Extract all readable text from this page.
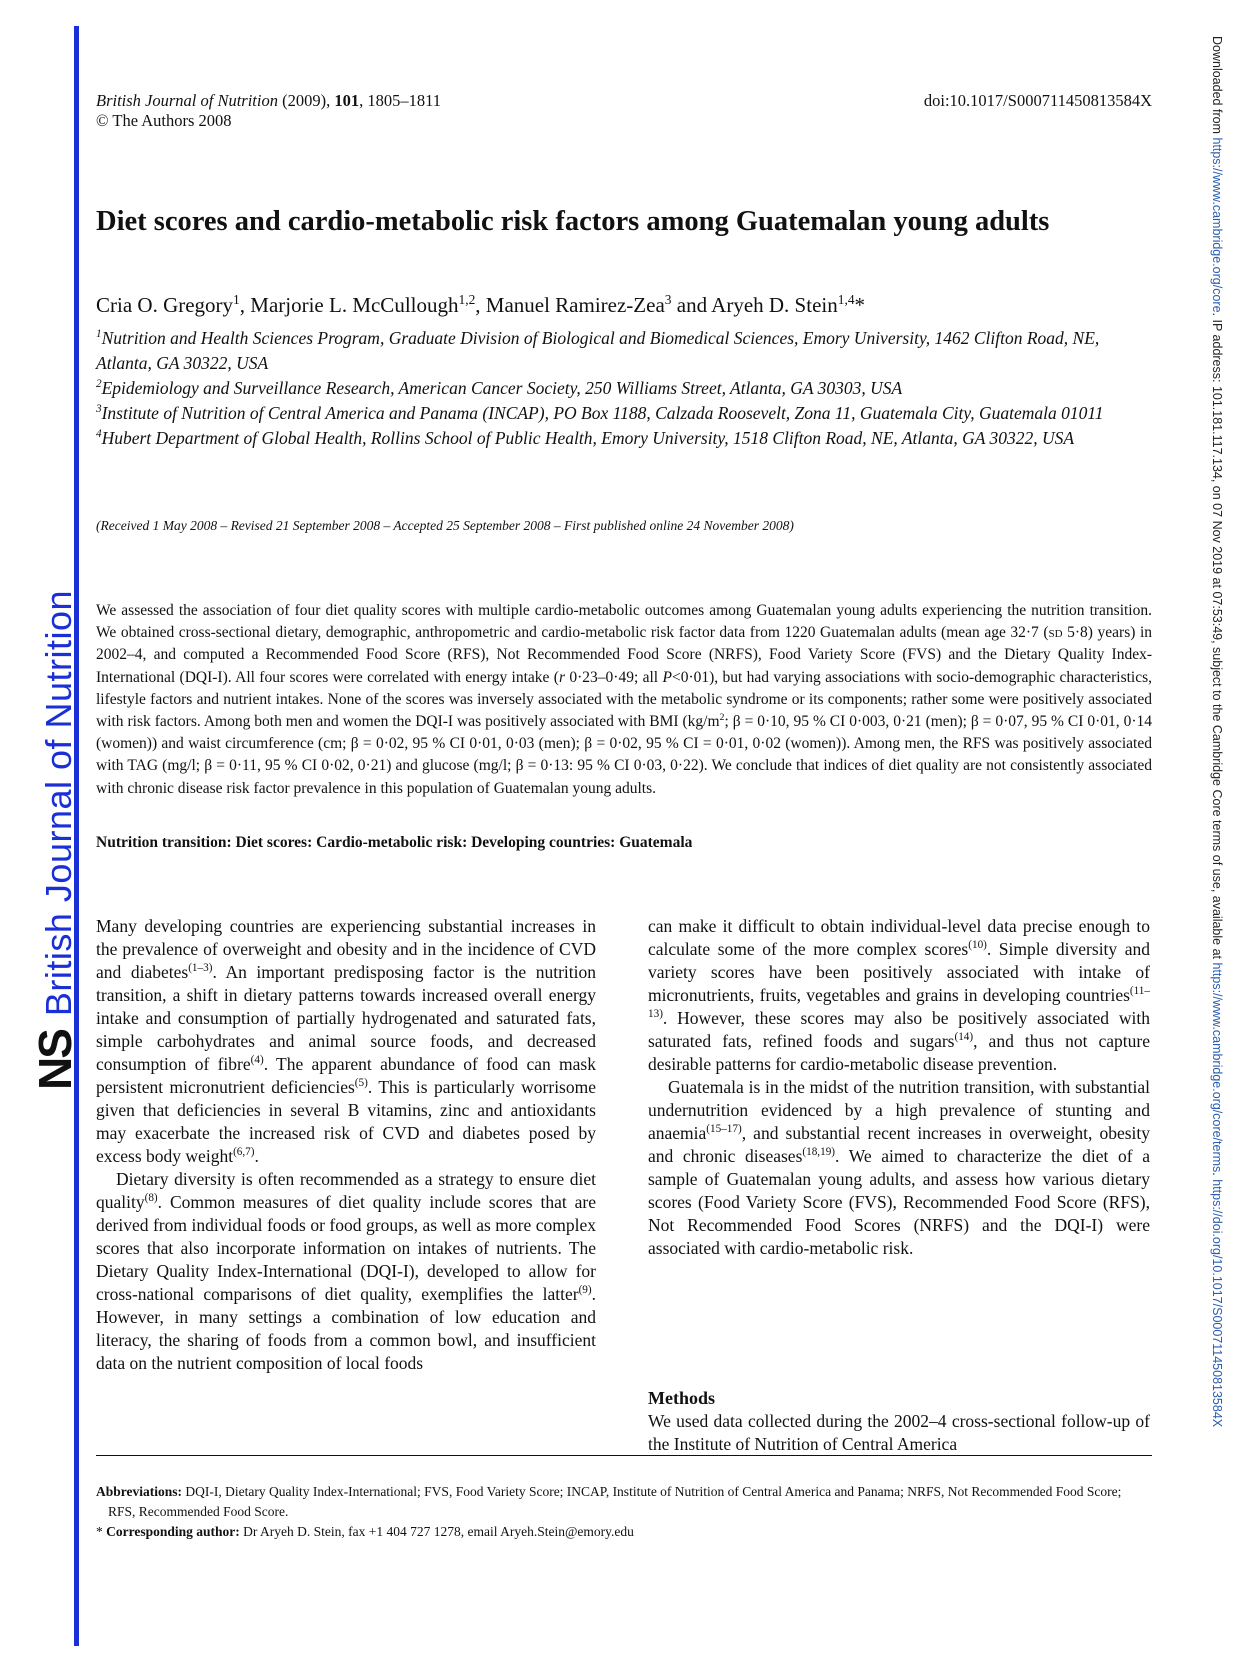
NSBritish Journal of Nutrition
Downloaded from https://www.cambridge.org/core. IP address: 101.181.117.134, on 07 Nov 2019 at 07:53:49, subject to the Cambridge Core terms of use, available at https://www.cambridge.org/core/terms. https://doi.org/10.1017/S000711450813584X
British Journal of Nutrition (2009), 101, 1805–1811
© The Authors 2008
doi:10.1017/S000711450813584X
Diet scores and cardio-metabolic risk factors among Guatemalan young adults
Cria O. Gregory$^1$, Marjorie L. McCullough$^{1,2}$, Manuel Ramirez-Zea$^3$ and Aryeh D. Stein$^{1,4}$*

$^1$Nutrition and Health Sciences Program, Graduate Division of Biological and Biomedical Sciences, Emory University, 1462 Clifton Road, NE, Atlanta, GA 30322, USA

$^2$Epidemiology and Surveillance Research, American Cancer Society, 250 Williams Street, Atlanta, GA 30303, USA

$^3$Institute of Nutrition of Central America and Panama (INCAP), PO Box 1188, Calzada Roosevelt, Zona 11, Guatemala City, Guatemala 01011

$^4$Hubert Department of Global Health, Rollins School of Public Health, Emory University, 1518 Clifton Road, NE, Atlanta, GA 30322, USA

(Received 1 May 2008 – Revised 21 September 2008 – Accepted 25 September 2008 – First published online 24 November 2008)
We assessed the association of four diet quality scores with multiple cardio-metabolic outcomes among Guatemalan young adults experiencing the nutrition transition. We obtained cross-sectional dietary, demographic, anthropometric and cardio-metabolic risk factor data from 1220 Guatemalan adults (mean age 32·7 (sd 5·8) years) in 2002–4, and computed a Recommended Food Score (RFS), Not Recommended Food Score (NRFS), Food Variety Score (FVS) and the Dietary Quality Index-International (DQI-I). All four scores were correlated with energy intake (r 0·23–0·49; all P<0·01), but had varying associations with socio-demographic characteristics, lifestyle factors and nutrient intakes. None of the scores was inversely associated with the metabolic syndrome or its components; rather some were positively associated with risk factors. Among both men and women the DQI-I was positively associated with BMI ($kg/m^2$; β = 0·10, 95 % CI 0·003, 0·21 (men); β = 0·07, 95 % CI 0·01, 0·14 (women)) and waist circumference (cm; β = 0·02, 95 % CI 0·01, 0·03 (men); β = 0·02, 95 % CI = 0·01, 0·02 (women)). Among men, the RFS was positively associated with TAG (mg/l; β = 0·11, 95 % CI 0·02, 0·21) and glucose (mg/l; β = 0·13: 95 % CI 0·03, 0·22). We conclude that indices of diet quality are not consistently associated with chronic disease risk factor prevalence in this population of Guatemalan young adults.
Nutrition transition: Diet scores: Cardio-metabolic risk: Developing countries: Guatemala

Many developing countries are experiencing substantial increases in the prevalence of overweight and obesity and in the incidence of CVD and diabetes$^{(1-3)}$. An important predisposing factor is the nutrition transition, a shift in dietary patterns towards increased overall energy intake and consumption of partially hydrogenated and saturated fats, simple carbohydrates and animal source foods, and decreased consumption of fibre$^{(4)}$. The apparent abundance of food can mask persistent micronutrient deficiencies$^{(5)}$. This is particularly worrisome given that deficiencies in several B vitamins, zinc and antioxidants may exacerbate the increased risk of CVD and diabetes posed by excess body weight$^{(6,7)}$.

Dietary diversity is often recommended as a strategy to ensure diet quality$^{(8)}$. Common measures of diet quality include scores that are derived from individual foods or food groups, as well as more complex scores that also incorporate information on intakes of nutrients. The Dietary Quality Index-International (DQI-I), developed to allow for cross-national comparisons of diet quality, exemplifies the latter$^{(9)}$. However, in many settings a combination of low education and literacy, the sharing of foods from a common bowl, and insufficient data on the nutrient composition of local foods

can make it difficult to obtain individual-level data precise enough to calculate some of the more complex scores$^{(10)}$. Simple diversity and variety scores have been positively associated with intake of micronutrients, fruits, vegetables and grains in developing countries$^{(11-13)}$. However, these scores may also be positively associated with saturated fats, refined foods and sugars$^{(14)}$, and thus not capture desirable patterns for cardio-metabolic disease prevention.

Guatemala is in the midst of the nutrition transition, with substantial undernutrition evidenced by a high prevalence of stunting and anaemia$^{(15-17)}$, and substantial recent increases in overweight, obesity and chronic diseases$^{(18,19)}$. We aimed to characterize the diet of a sample of Guatemalan young adults, and assess how various dietary scores (Food Variety Score (FVS), Recommended Food Score (RFS), Not Recommended Food Scores (NRFS) and the DQI-I) were associated with cardio-metabolic risk.

Methods

We used data collected during the 2002–4 cross-sectional follow-up of the Institute of Nutrition of Central America

Abbreviations: DQI-I, Dietary Quality Index-International; FVS, Food Variety Score; INCAP, Institute of Nutrition of Central America and Panama; NRFS, Not Recommended Food Score; RFS, Recommended Food Score.

* Corresponding author: Dr Aryeh D. Stein, fax +1 404 727 1278, email Aryeh.Stein@emory.edu
